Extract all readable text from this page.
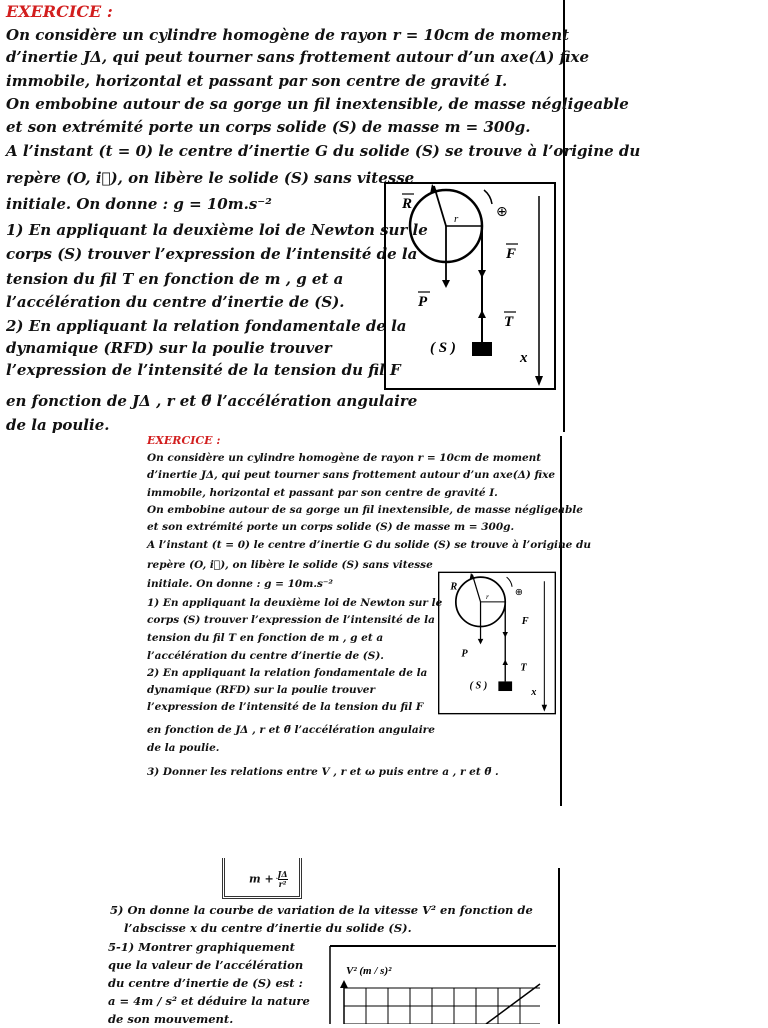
EXERCICE :
On considère un cylindre homogène de rayon r = 10cm de moment
d’inertie JΔ, qui peut tourner sans frottement autour d’un axe(Δ) fixe
immobile, horizontal et passant par son centre de gravité I.
On embobine autour de sa gorge un fil inextensible, de masse négligeable
et son extrémité porte un corps solide (S) de masse m = 300g.
A l’instant (t = 0) le centre d’inertie G du solide (S) se trouve à l’origine du
repère (O, i⃗), on libère le solide (S) sans vitesse
initiale. On donne : g = 10m.s⁻²
1) En appliquant la deuxième loi de Newton sur le
corps (S) trouver l’expression de l’intensité de la
tension du fil T en fonction de m , g et a
l’accélération du centre d’inertie de (S).
2) En appliquant la relation fondamentale de la
dynamique (RFD) sur la poulie trouver
l’expression de l’intensité de la tension du fil F
en fonction de JΔ , r et θ̈ l’accélération angulaire
de la poulie.
R
r	⊕
F
P
T
( S )
x
EXERCICE :
On considère un cylindre homogène de rayon r = 10cm de moment
d’inertie JΔ, qui peut tourner sans frottement autour d’un axe(Δ) fixe
immobile, horizontal et passant par son centre de gravité I.
On embobine autour de sa gorge un fil inextensible, de masse négligeable
et son extrémité porte un corps solide (S) de masse m = 300g.
A l’instant (t = 0) le centre d’inertie G du solide (S) se trouve à l’origine du
repère (O, i⃗), on libère le solide (S) sans vitesse
initiale. On donne : g = 10m.s⁻²
1) En appliquant la deuxième loi de Newton sur le
corps (S) trouver l’expression de l’intensité de la
tension du fil T en fonction de m , g et a
l’accélération du centre d’inertie de (S).
2) En appliquant la relation fondamentale de la
dynamique (RFD) sur la poulie trouver
l’expression de l’intensité de la tension du fil F
en fonction de JΔ , r et θ̈ l’accélération angulaire
de la poulie.
3) Donner les relations entre V , r et ω puis entre a , r et θ̈ .
R
r ⊕
F
P
T
( S )
x
$m + \frac{J\Delta}{\text{r²}}$
5) On donne la courbe de variation de la vitesse V² en fonction de
l’abscisse x du centre d’inertie du solide (S).
5-1) Montrer graphiquement
que la valeur de l’accélération
du centre d’inertie de (S) est :
a = 4m / s² et déduire la nature
de son mouvement.
V² (m / s)²
